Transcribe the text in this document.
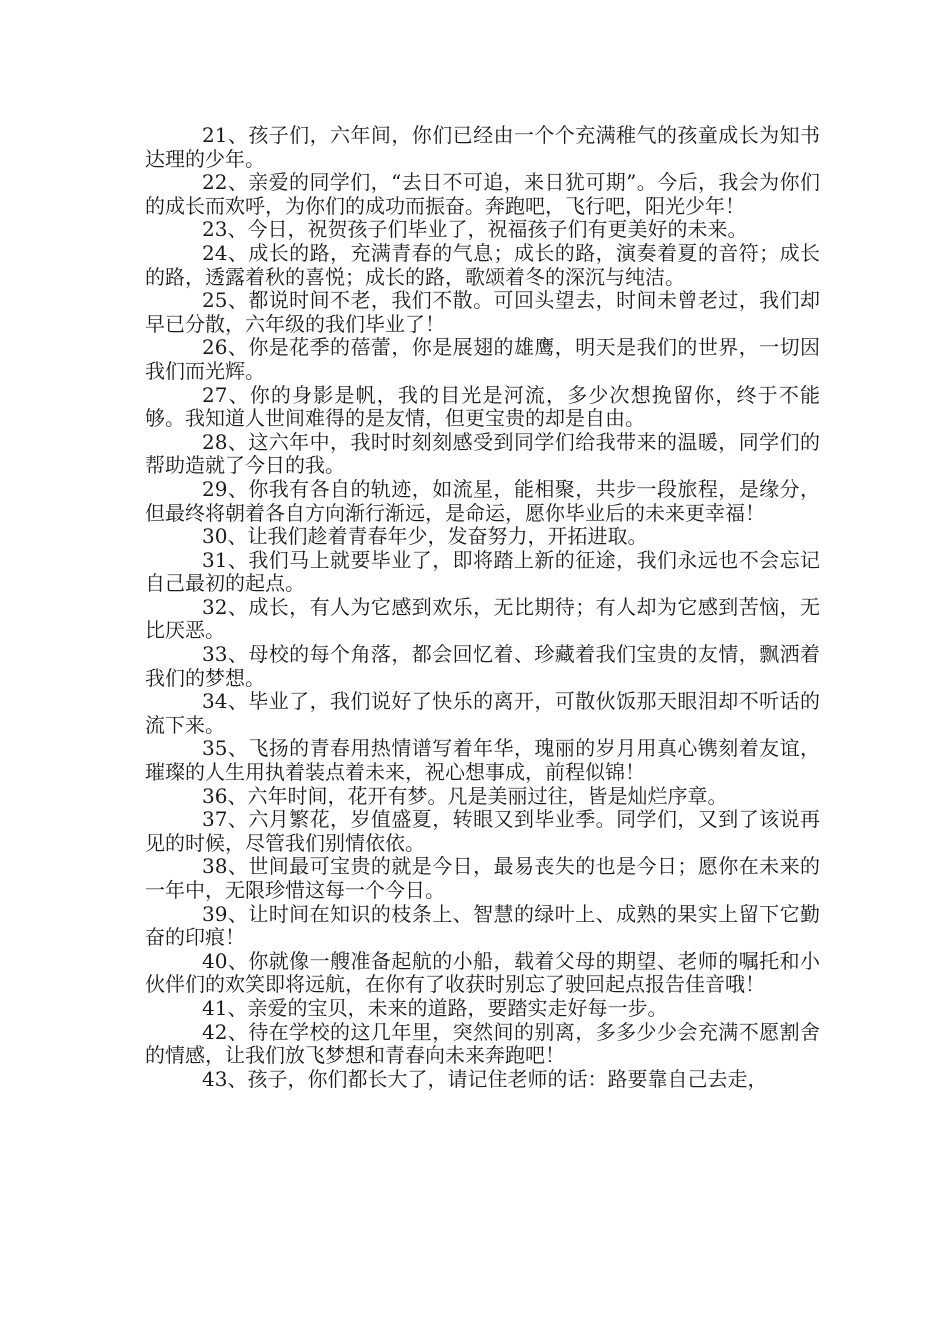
21、孩子们，六年间，你们已经由一个个充满稚气的孩童成长为知书达理的少年。

22、亲爱的同学们，“去日不可追，来日犹可期”。今后，我会为你们的成长而欢呼，为你们的成功而振奋。奔跑吧，飞行吧，阳光少年！

23、今日，祝贺孩子们毕业了，祝福孩子们有更美好的未来。

24、成长的路，充满青春的气息；成长的路，演奏着夏的音符；成长的路，透露着秋的喜悦；成长的路，歌颂着冬的深沉与纯洁。

25、都说时间不老，我们不散。可回头望去，时间未曾老过，我们却早已分散，六年级的我们毕业了！

26、你是花季的蓓蕾，你是展翅的雄鹰，明天是我们的世界，一切因我们而光辉。

27、你的身影是帆，我的目光是河流，多少次想挽留你，终于不能够。我知道人世间难得的是友情，但更宝贵的却是自由。

28、这六年中，我时时刻刻感受到同学们给我带来的温暖，同学们的帮助造就了今日的我。

29、你我有各自的轨迹，如流星，能相聚，共步一段旅程，是缘分，但最终将朝着各自方向渐行渐远，是命运，愿你毕业后的未来更幸福！

30、让我们趁着青春年少，发奋努力，开拓进取。

31、我们马上就要毕业了，即将踏上新的征途，我们永远也不会忘记自己最初的起点。

32、成长，有人为它感到欢乐，无比期待；有人却为它感到苦恼，无比厌恶。

33、母校的每个角落，都会回忆着、珍藏着我们宝贵的友情，飘洒着我们的梦想。

34、毕业了，我们说好了快乐的离开，可散伙饭那天眼泪却不听话的流下来。

35、飞扬的青春用热情谱写着年华，瑰丽的岁月用真心镌刻着友谊，璀璨的人生用执着装点着未来，祝心想事成，前程似锦！

36、六年时间，花开有梦。凡是美丽过往，皆是灿烂序章。

37、六月繁花，岁值盛夏，转眼又到毕业季。同学们，又到了该说再见的时候，尽管我们别情依依。

38、世间最可宝贵的就是今日，最易丧失的也是今日；愿你在未来的一年中，无限珍惜这每一个今日。

39、让时间在知识的枝条上、智慧的绿叶上、成熟的果实上留下它勤奋的印痕！

40、你就像一艘准备起航的小船，载着父母的期望、老师的嘱托和小伙伴们的欢笑即将远航，在你有了收获时别忘了驶回起点报告佳音哦！

41、亲爱的宝贝，未来的道路，要踏实走好每一步。

42、待在学校的这几年里，突然间的别离，多多少少会充满不愿割舍的情感，让我们放飞梦想和青春向未来奔跑吧！

43、孩子，你们都长大了，请记住老师的话：路要靠自己去走，
